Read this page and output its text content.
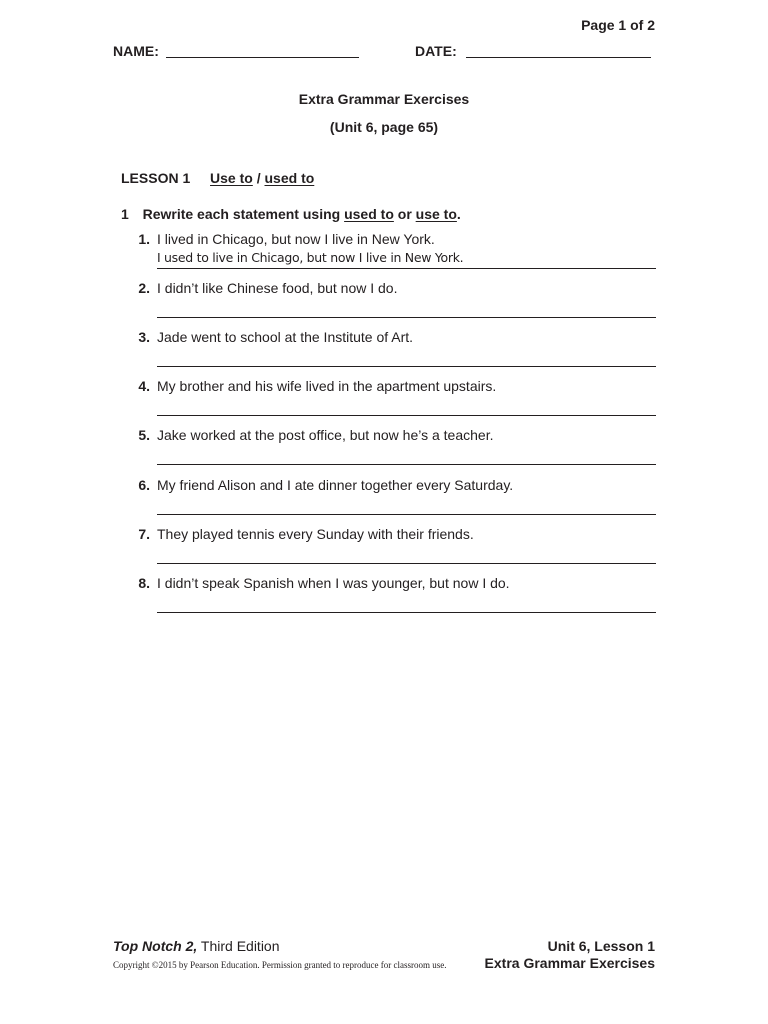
Page 1 of 2
NAME:	DATE:
Extra Grammar Exercises
(Unit 6, page 65)
LESSON 1 Use to / used to
1 Rewrite each statement using used to or use to.
1. I lived in Chicago, but now I live in New York.
I used to live in Chicago, but now I live in New York.
2. I didn’t like Chinese food, but now I do.
3. Jade went to school at the Institute of Art.
4. My brother and his wife lived in the apartment upstairs.
5. Jake worked at the post office, but now he’s a teacher.
6. My friend Alison and I ate dinner together every Saturday.
7. They played tennis every Sunday with their friends.
8. I didn’t speak Spanish when I was younger, but now I do.
Top Notch 2, Third Edition
Copyright ©2015 by Pearson Education. Permission granted to reproduce for classroom use.
Unit 6, Lesson 1
Extra Grammar Exercises
